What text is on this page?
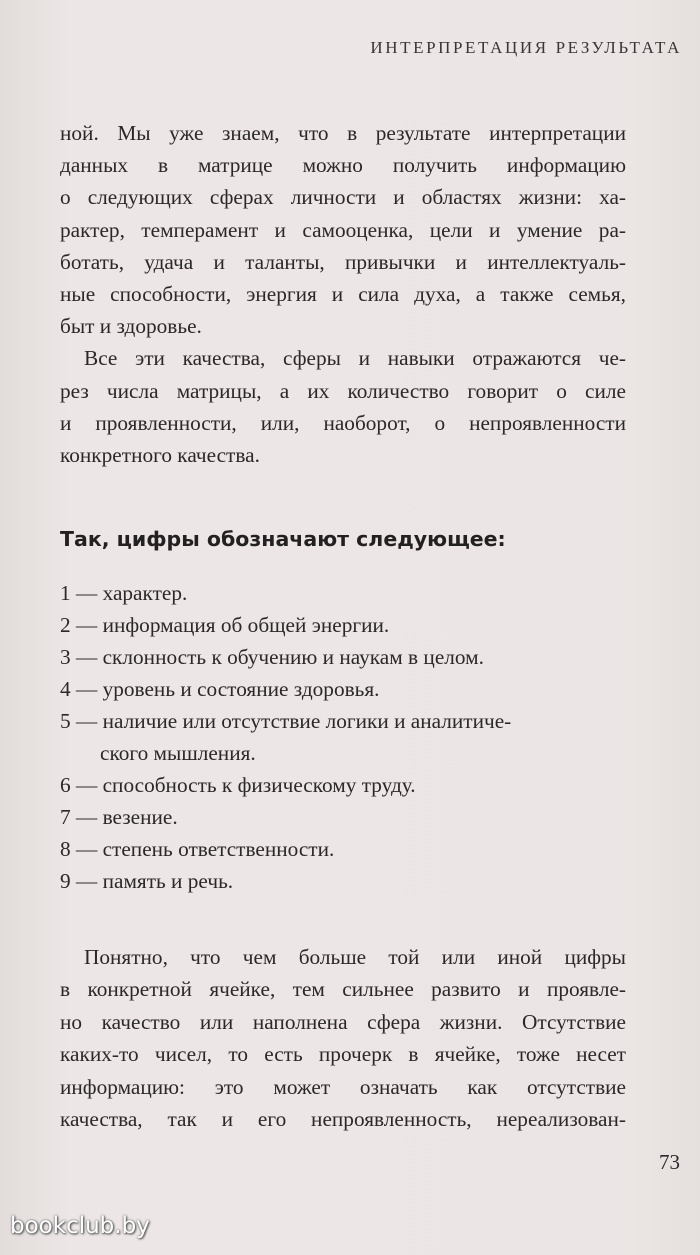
ИНТЕРПРЕТАЦИЯ РЕЗУЛЬТАТА

ной. Мы уже знаем, что в результате интерпретации
данных в матрице можно получить информацию
о следующих сферах личности и областях жизни: ха-
рактер, темперамент и самооценка, цели и умение ра-
ботать, удача и таланты, привычки и интеллектуаль-
ные способности, энергия и сила духа, а также семья,
быт и здоровье.

Все эти качества, сферы и навыки отражаются че-
рез числа матрицы, а их количество говорит о силе
и проявленности, или, наоборот, о непроявленности
конкретного качества.

Так, цифры обозначают следующее:
1 — характер.
2 — информация об общей энергии.
3 — склонность к обучению и наукам в целом.
4 — уровень и состояние здоровья.
5 — наличие или отсутствие логики и аналитиче-
ского мышления.
6 — способность к физическому труду.
7 — везение.
8 — степень ответственности.
9 — память и речь.

Понятно, что чем больше той или иной цифры
в конкретной ячейке, тем сильнее развито и проявле-
но качество или наполнена сфера жизни. Отсутствие
каких-то чисел, то есть прочерк в ячейке, тоже несет
информацию: это может означать как отсутствие
качества, так и его непроявленность, нереализован-

73
bookclub.by
